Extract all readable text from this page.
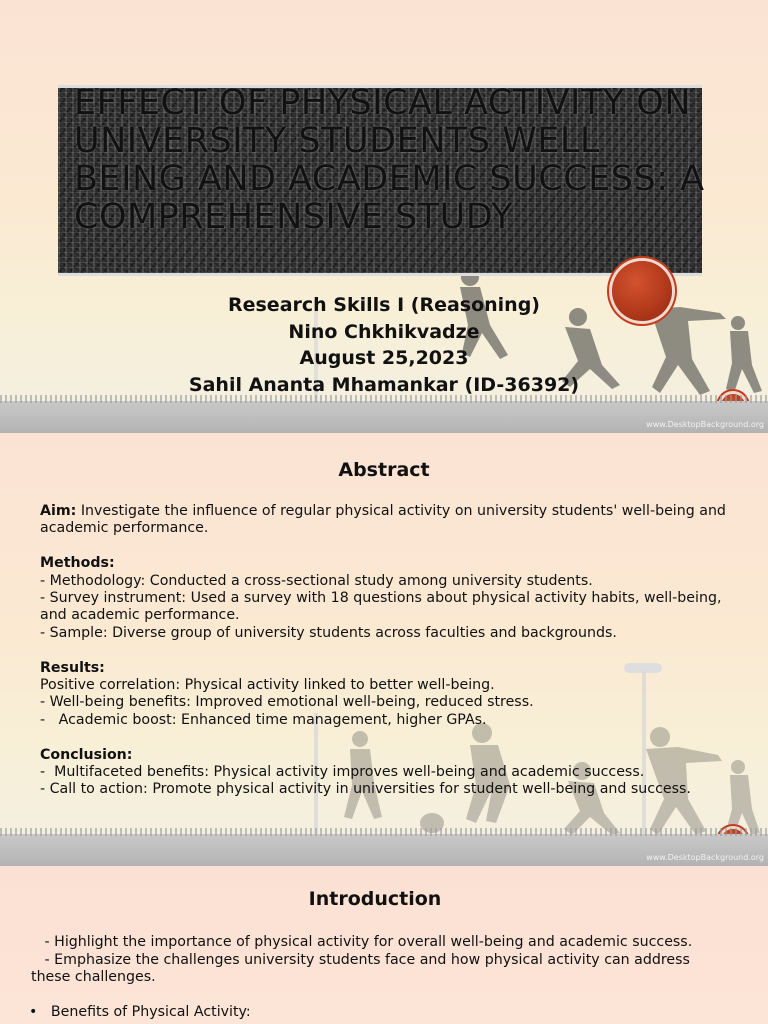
EFFECT OF PHYSICAL ACTIVITY ON UNIVERSITY STUDENTS WELL BEING AND ACADEMIC SUCCESS: A COMPREHENSIVE STUDY
Research Skills I (Reasoning)
Nino Chkhikvadze
August 25,2023
Sahil Ananta Mhamankar (ID-36392)
www.DesktopBackground.org
Abstract

Aim: Investigate the influence of regular physical activity on university students' well-being and academic performance.

Methods:

- Methodology: Conducted a cross-sectional study among university students.

- Survey instrument: Used a survey with 18 questions about physical activity habits, well-being, and academic performance.

- Sample: Diverse group of university students across faculties and backgrounds.

Results:

Positive correlation: Physical activity linked to better well-being.

- Well-being benefits: Improved emotional well-being, reduced stress.

-   Academic boost: Enhanced time management, higher GPAs.

Conclusion:

-  Multifaceted benefits: Physical activity improves well-being and academic success.

- Call to action: Promote physical activity in universities for student well-being and success.

www.DesktopBackground.org
Introduction

- Highlight the importance of physical activity for overall well-being and academic success.

- Emphasize the challenges university students face and how physical activity can address these challenges.

•   Benefits of Physical Activity:
